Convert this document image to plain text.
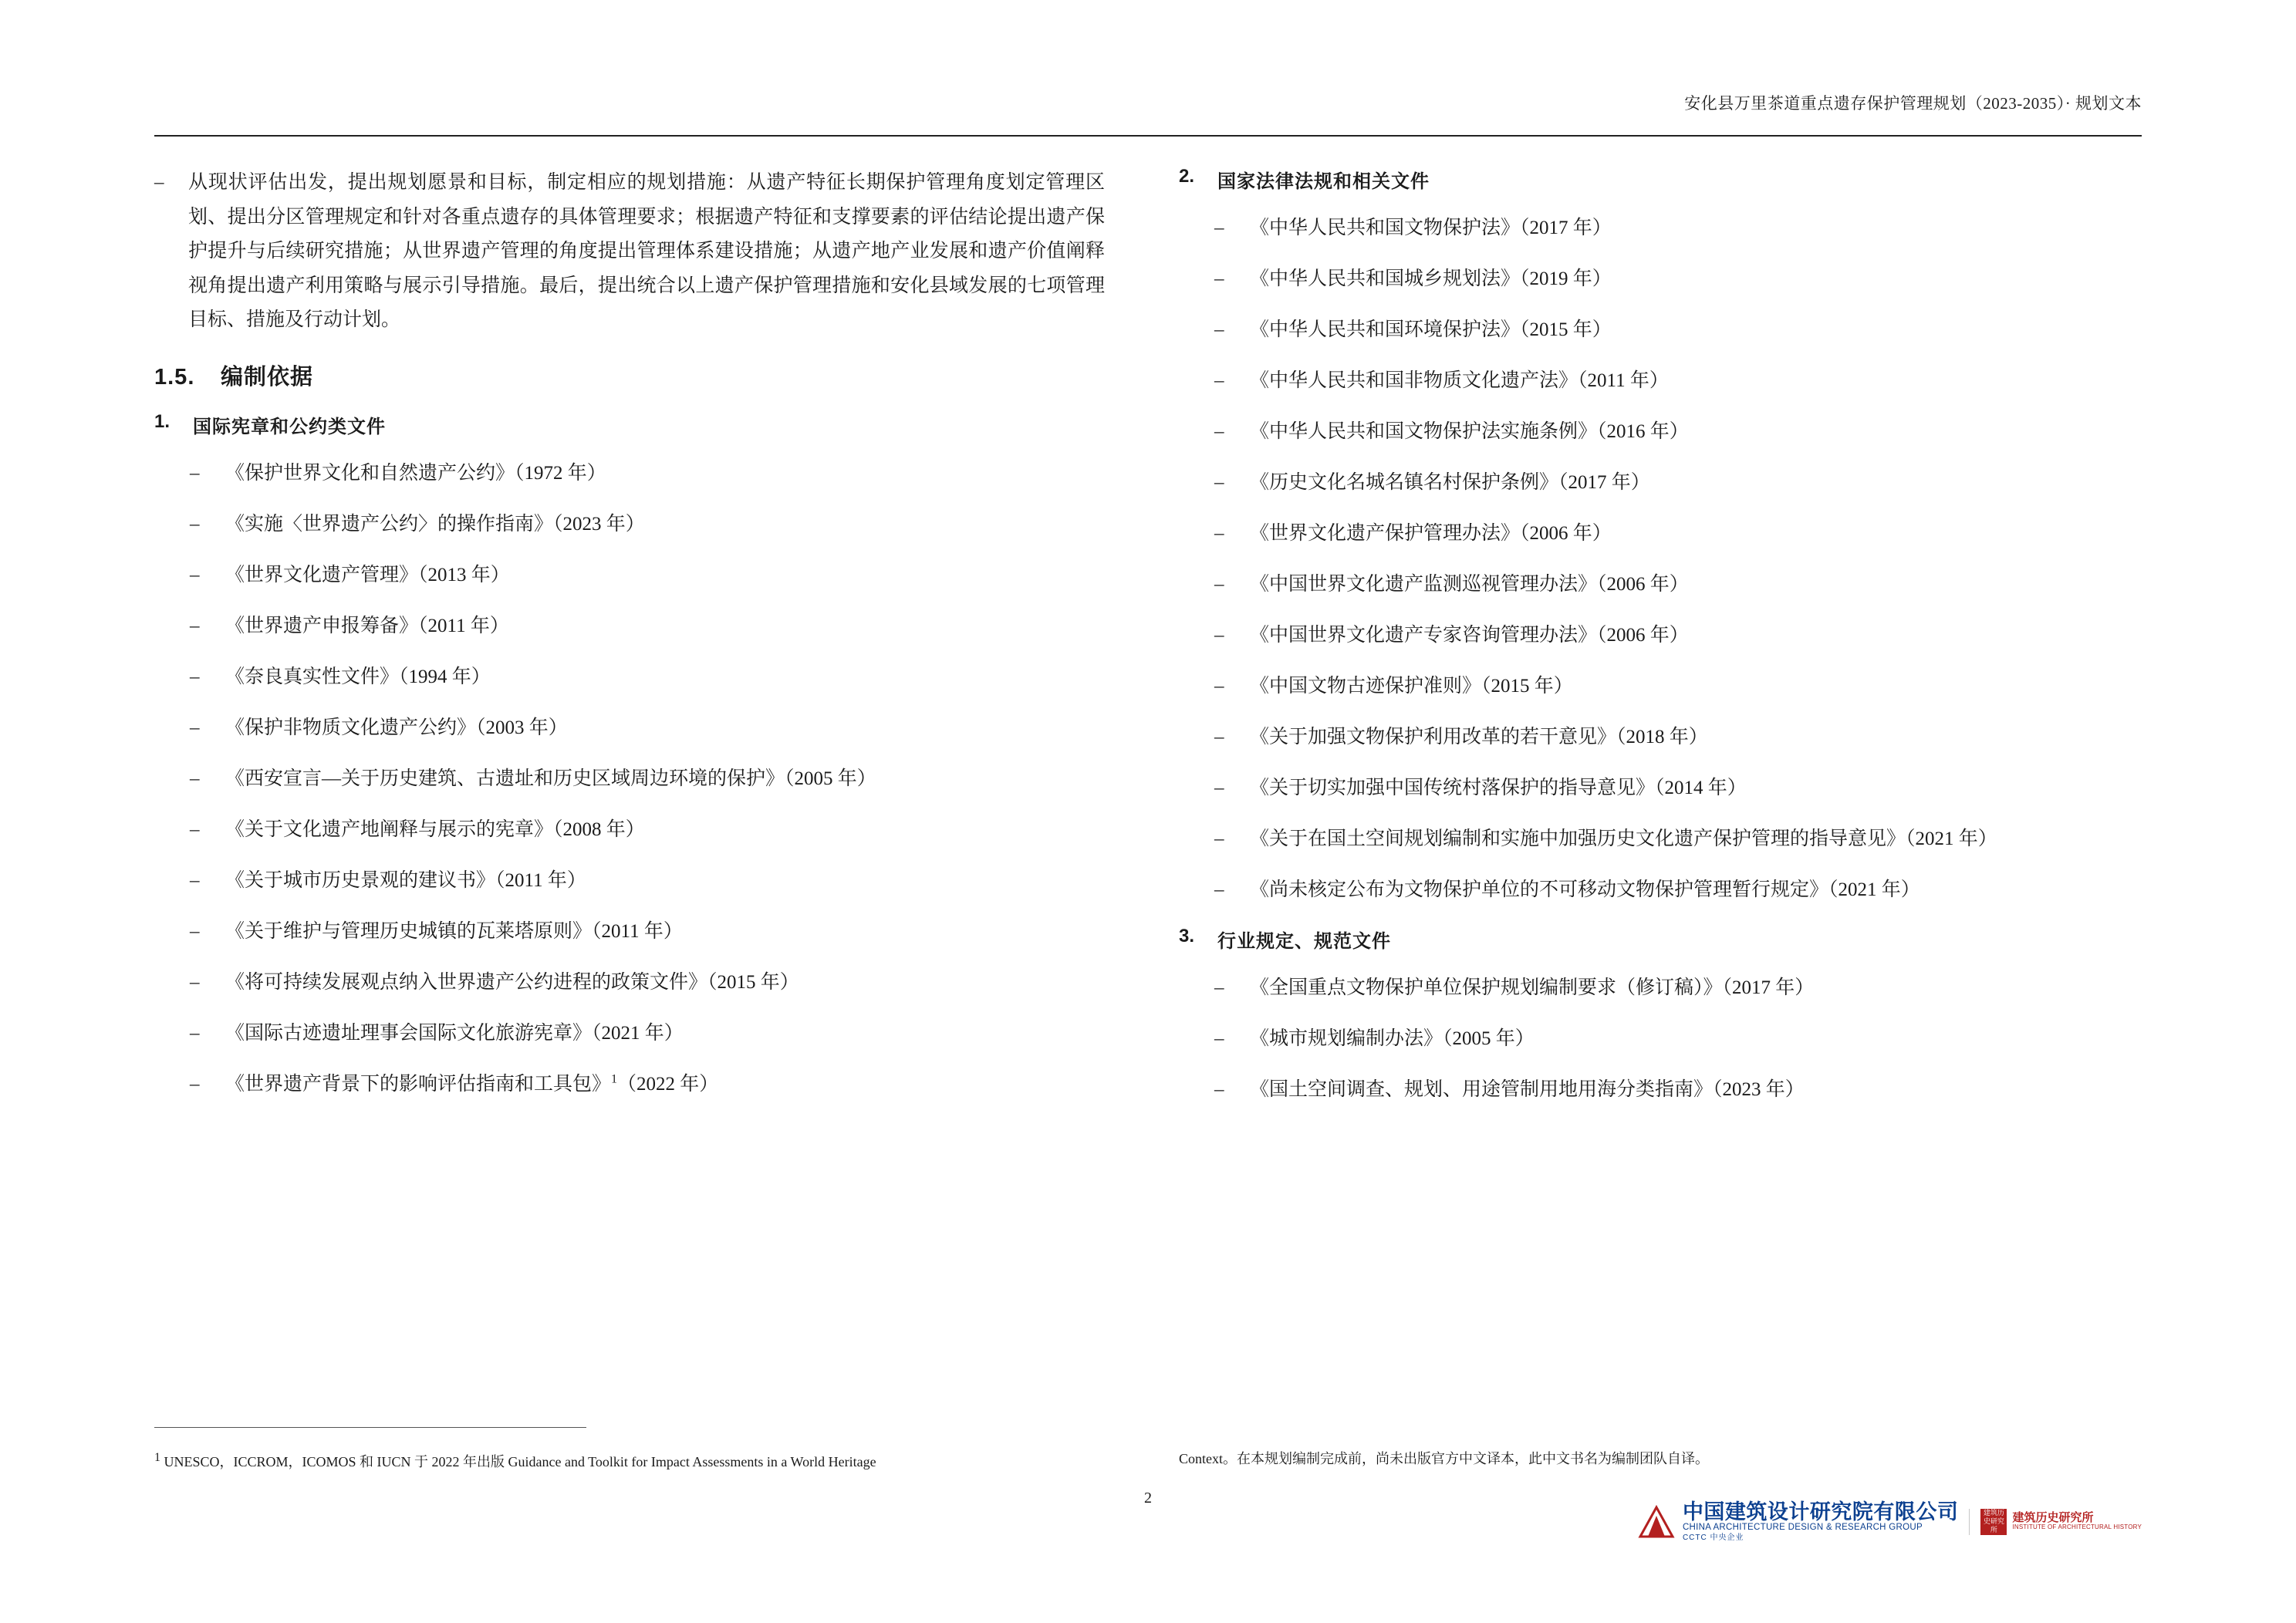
安化县万里茶道重点遗存保护管理规划（2023-2035）· 规划文本
–	从现状评估出发，提出规划愿景和目标，制定相应的规划措施：从遗产特征长期保护管理角度划定管理区划、提出分区管理规定和针对各重点遗存的具体管理要求；根据遗产特征和支撑要素的评估结论提出遗产保护提升与后续研究措施；从世界遗产管理的角度提出管理体系建设措施；从遗产地产业发展和遗产价值阐释视角提出遗产利用策略与展示引导措施。最后，提出统合以上遗产保护管理措施和安化县域发展的七项管理目标、措施及行动计划。
1.5. 编制依据
1.	国际宪章和公约类文件
–	《保护世界文化和自然遗产公约》（1972 年）
–	《实施〈世界遗产公约〉的操作指南》（2023 年）
–	《世界文化遗产管理》（2013 年）
–	《世界遗产申报筹备》（2011 年）
–	《奈良真实性文件》（1994 年）
–	《保护非物质文化遗产公约》（2003 年）
–	《西安宣言—关于历史建筑、古遗址和历史区域周边环境的保护》（2005 年）
–	《关于文化遗产地阐释与展示的宪章》（2008 年）
–	《关于城市历史景观的建议书》（2011 年）
–	《关于维护与管理历史城镇的瓦莱塔原则》（2011 年）
–	《将可持续发展观点纳入世界遗产公约进程的政策文件》（2015 年）
–	《国际古迹遗址理事会国际文化旅游宪章》（2021 年）
–	《世界遗产背景下的影响评估指南和工具包》$^1$（2022 年）
2.	国家法律法规和相关文件
–	《中华人民共和国文物保护法》（2017 年）
–	《中华人民共和国城乡规划法》（2019 年）
–	《中华人民共和国环境保护法》（2015 年）
–	《中华人民共和国非物质文化遗产法》（2011 年）
–	《中华人民共和国文物保护法实施条例》（2016 年）
–	《历史文化名城名镇名村保护条例》（2017 年）
–	《世界文化遗产保护管理办法》（2006 年）
–	《中国世界文化遗产监测巡视管理办法》（2006 年）
–	《中国世界文化遗产专家咨询管理办法》（2006 年）
–	《中国文物古迹保护准则》（2015 年）
–	《关于加强文物保护利用改革的若干意见》（2018 年）
–	《关于切实加强中国传统村落保护的指导意见》（2014 年）
–	《关于在国土空间规划编制和实施中加强历史文化遗产保护管理的指导意见》（2021 年）
–	《尚未核定公布为文物保护单位的不可移动文物保护管理暂行规定》（2021 年）
3.	行业规定、规范文件
–	《全国重点文物保护单位保护规划编制要求（修订稿）》（2017 年）
–	《城市规划编制办法》（2005 年）
–	《国土空间调查、规划、用途管制用地用海分类指南》（2023 年）
1 UNESCO，ICCROM，ICOMOS 和 IUCN 于 2022 年出版 Guidance and Toolkit for Impact Assessments in a World Heritage	Context。在本规划编制完成前，尚未出版官方中文译本，此中文书名为编制团队自译。
2
中国建筑设计研究院有限公司
CHINA ARCHITECTURE DESIGN & RESEARCH GROUP
CCTC 中央企业
建筑历史研究所
建筑历史研究所
INSTITUTE OF ARCHITECTURAL HISTORY
